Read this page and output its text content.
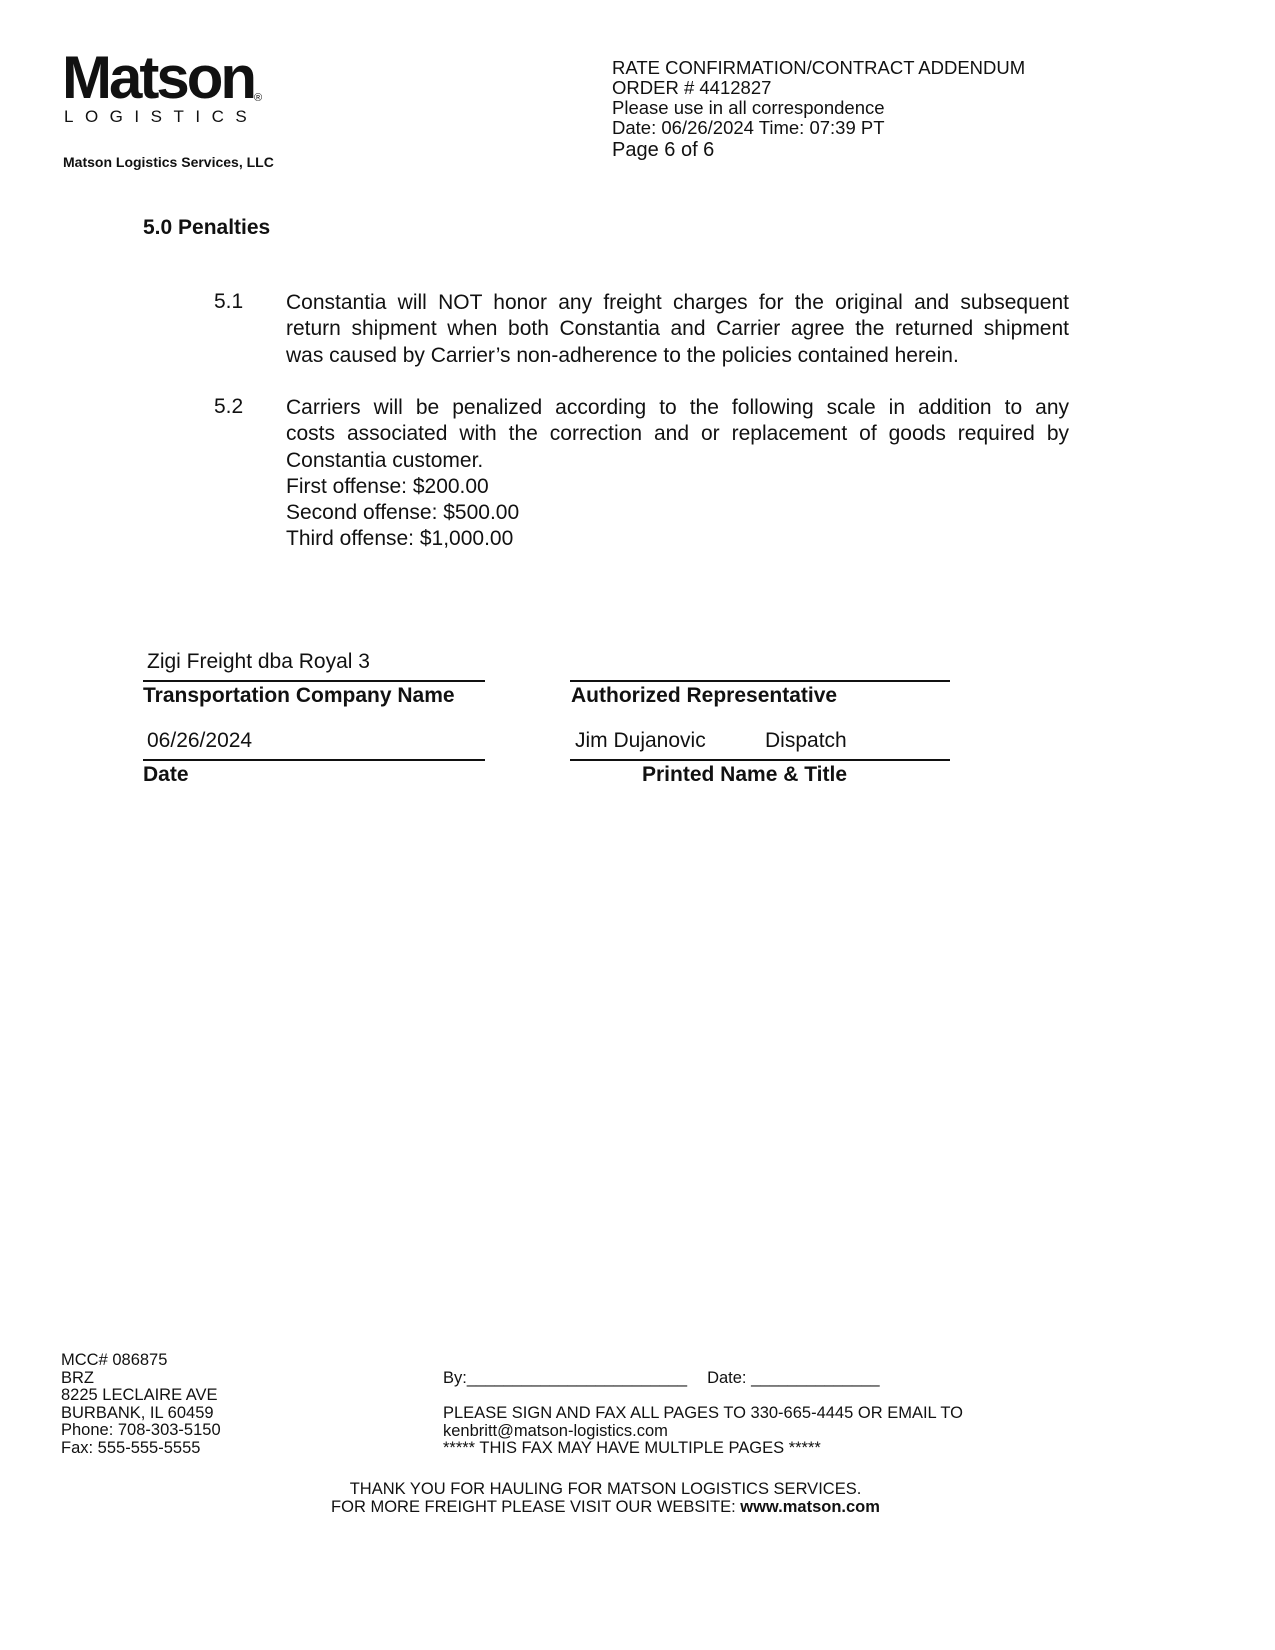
Matson ®
LOGISTICS
Matson Logistics Services, LLC
RATE CONFIRMATION/CONTRACT ADDENDUM
ORDER # 4412827
Please use in all correspondence
Date: 06/26/2024 Time: 07:39 PT
Page 6 of 6
5.0 Penalties
5.1 Constantia will NOT honor any freight charges for the original and subsequent
return shipment when both Constantia and Carrier agree the returned shipment
was caused by Carrier’s non-adherence to the policies contained herein.
5.2 Carriers will be penalized according to the following scale in addition to any
costs associated with the correction and or replacement of goods required by
Constantia customer.
First offense: $200.00
Second offense: $500.00
Third offense: $1,000.00
Zigi Freight dba Royal 3
Transportation Company Name	Authorized Representative
06/26/2024
Date
Jim Dujanovic	Dispatch
Printed Name & Title
MCC# 086875
BRZ
8225 LECLAIRE AVE
BURBANK, IL 60459
Phone: 708-303-5150
Fax: 555-555-5555
By:________________________ Date: ______________
PLEASE SIGN AND FAX ALL PAGES TO 330-665-4445 OR EMAIL TO
kenbritt@matson-logistics.com
***** THIS FAX MAY HAVE MULTIPLE PAGES *****
THANK YOU FOR HAULING FOR MATSON LOGISTICS SERVICES.
FOR MORE FREIGHT PLEASE VISIT OUR WEBSITE: www.matson.com
